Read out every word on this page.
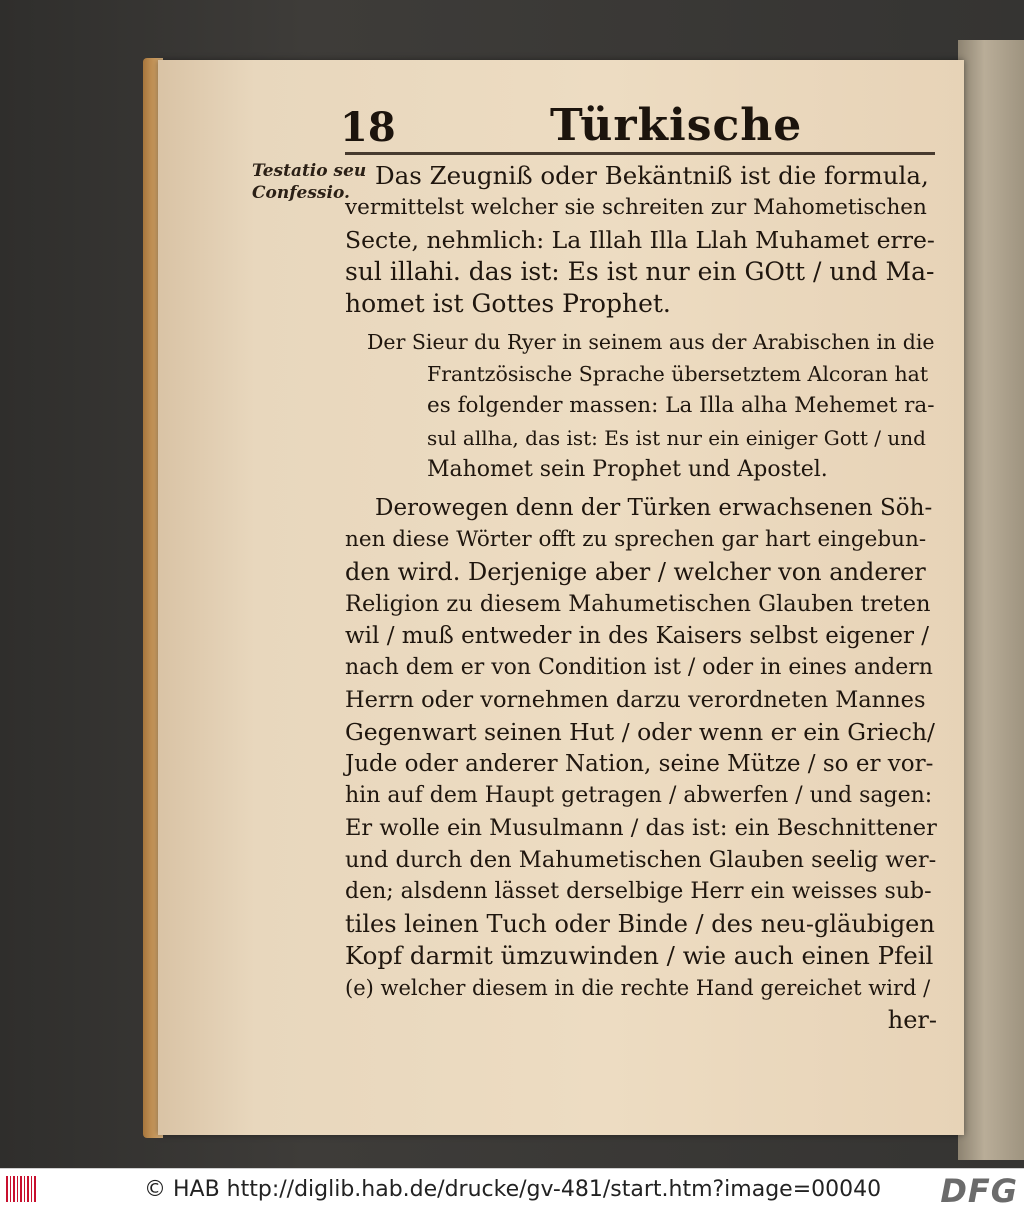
18	Türkische
Testatio seu
Confessio.
Das Zeugniß oder Bekäntniß ist die formula,
vermittelst welcher sie schreiten zur Mahometischen
Secte, nehmlich: La Illah Illa Llah Muhamet erre-
sul illahi. das ist: Es ist nur ein GOtt / und Ma-
homet ist Gottes Prophet.
Der Sieur du Ryer in seinem aus der Arabischen in die
Frantzösische Sprache übersetztem Alcoran hat
es folgender massen: La Illa alha Mehemet ra-
sul allha, das ist: Es ist nur ein einiger Gott / und
Mahomet sein Prophet und Apostel.
Derowegen denn der Türken erwachsenen Söh-
nen diese Wörter offt zu sprechen gar hart eingebun-
den wird. Derjenige aber / welcher von anderer
Religion zu diesem Mahumetischen Glauben treten
wil / muß entweder in des Kaisers selbst eigener /
nach dem er von Condition ist / oder in eines andern
Herrn oder vornehmen darzu verordneten Mannes
Gegenwart seinen Hut / oder wenn er ein Griech/
Jude oder anderer Nation, seine Mütze / so er vor-
hin auf dem Haupt getragen / abwerfen / und sagen:
Er wolle ein Musulmann / das ist: ein Beschnittener
und durch den Mahumetischen Glauben seelig wer-
den; alsdenn lässet derselbige Herr ein weisses sub-
tiles leinen Tuch oder Binde / des neu-gläubigen
Kopf darmit ümzuwinden / wie auch einen Pfeil
(e) welcher diesem in die rechte Hand gereichet wird /
her-
© HAB http://diglib.hab.de/drucke/gv-481/start.htm?image=00040 DFG
